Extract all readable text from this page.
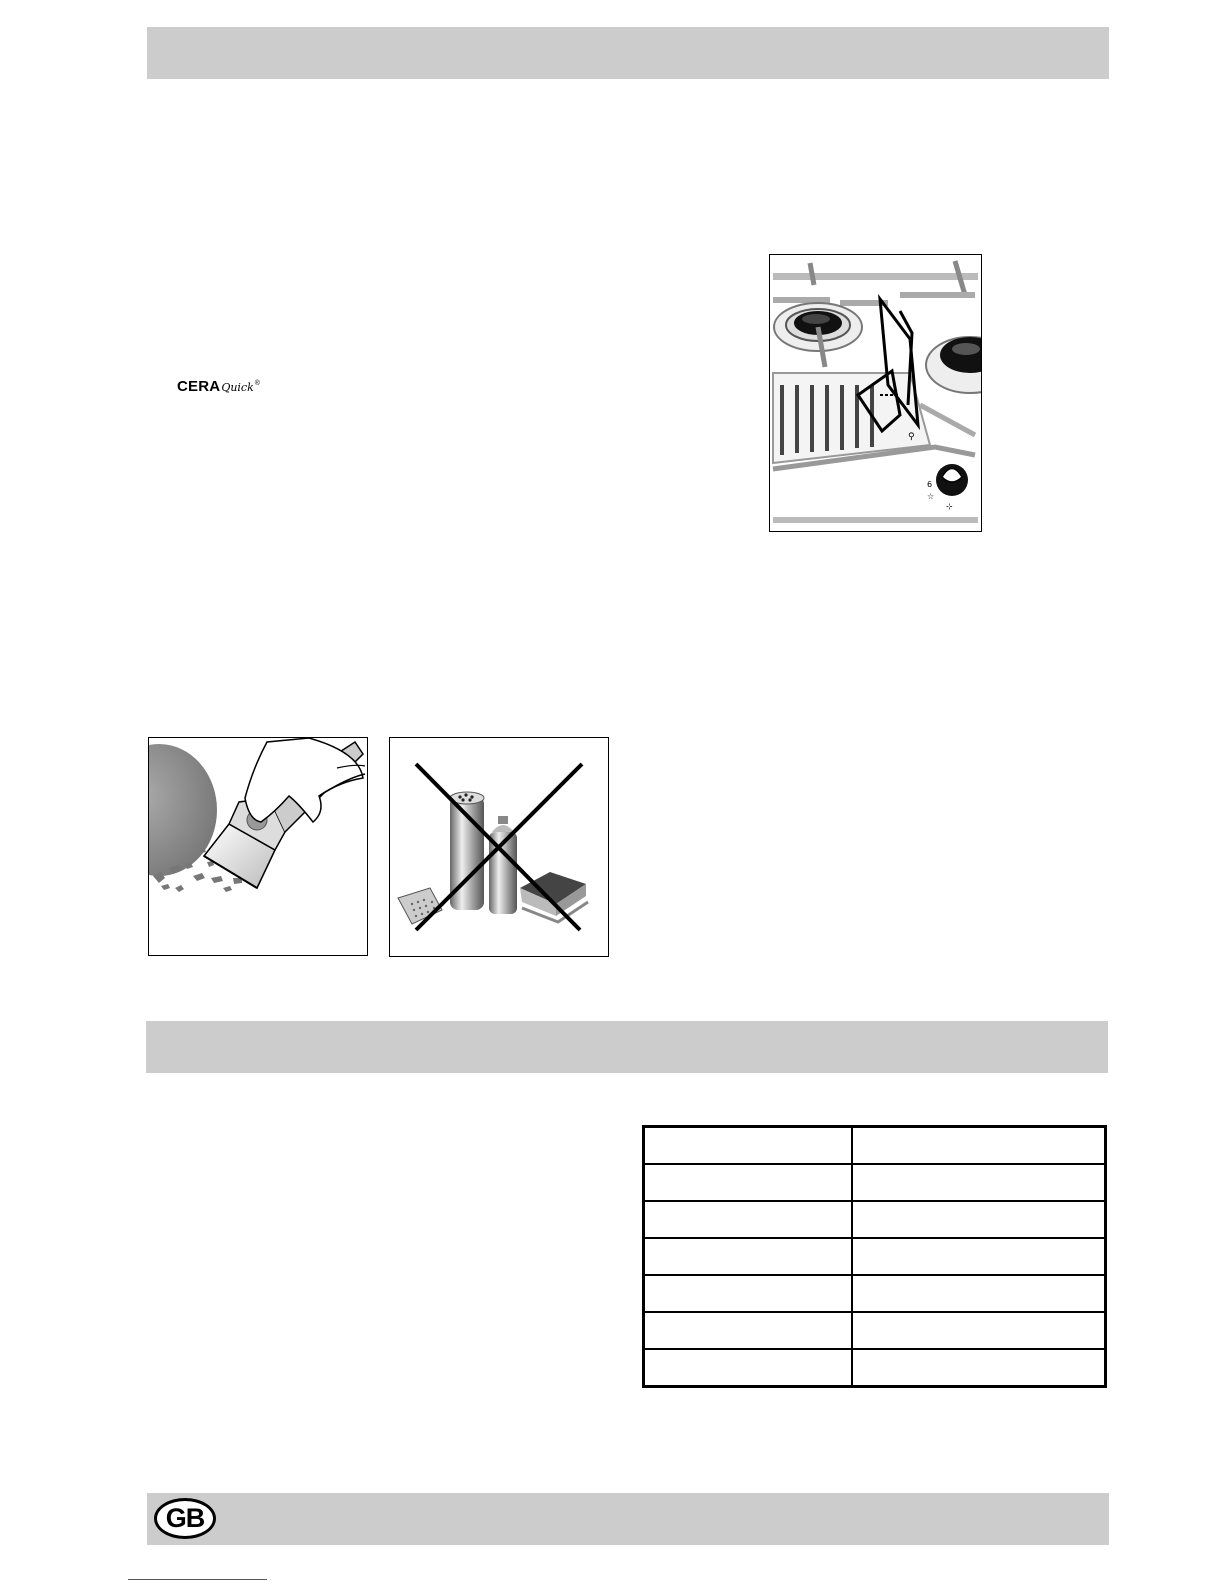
CERA Quick ®
6
☆
⊹
⚲

GB
